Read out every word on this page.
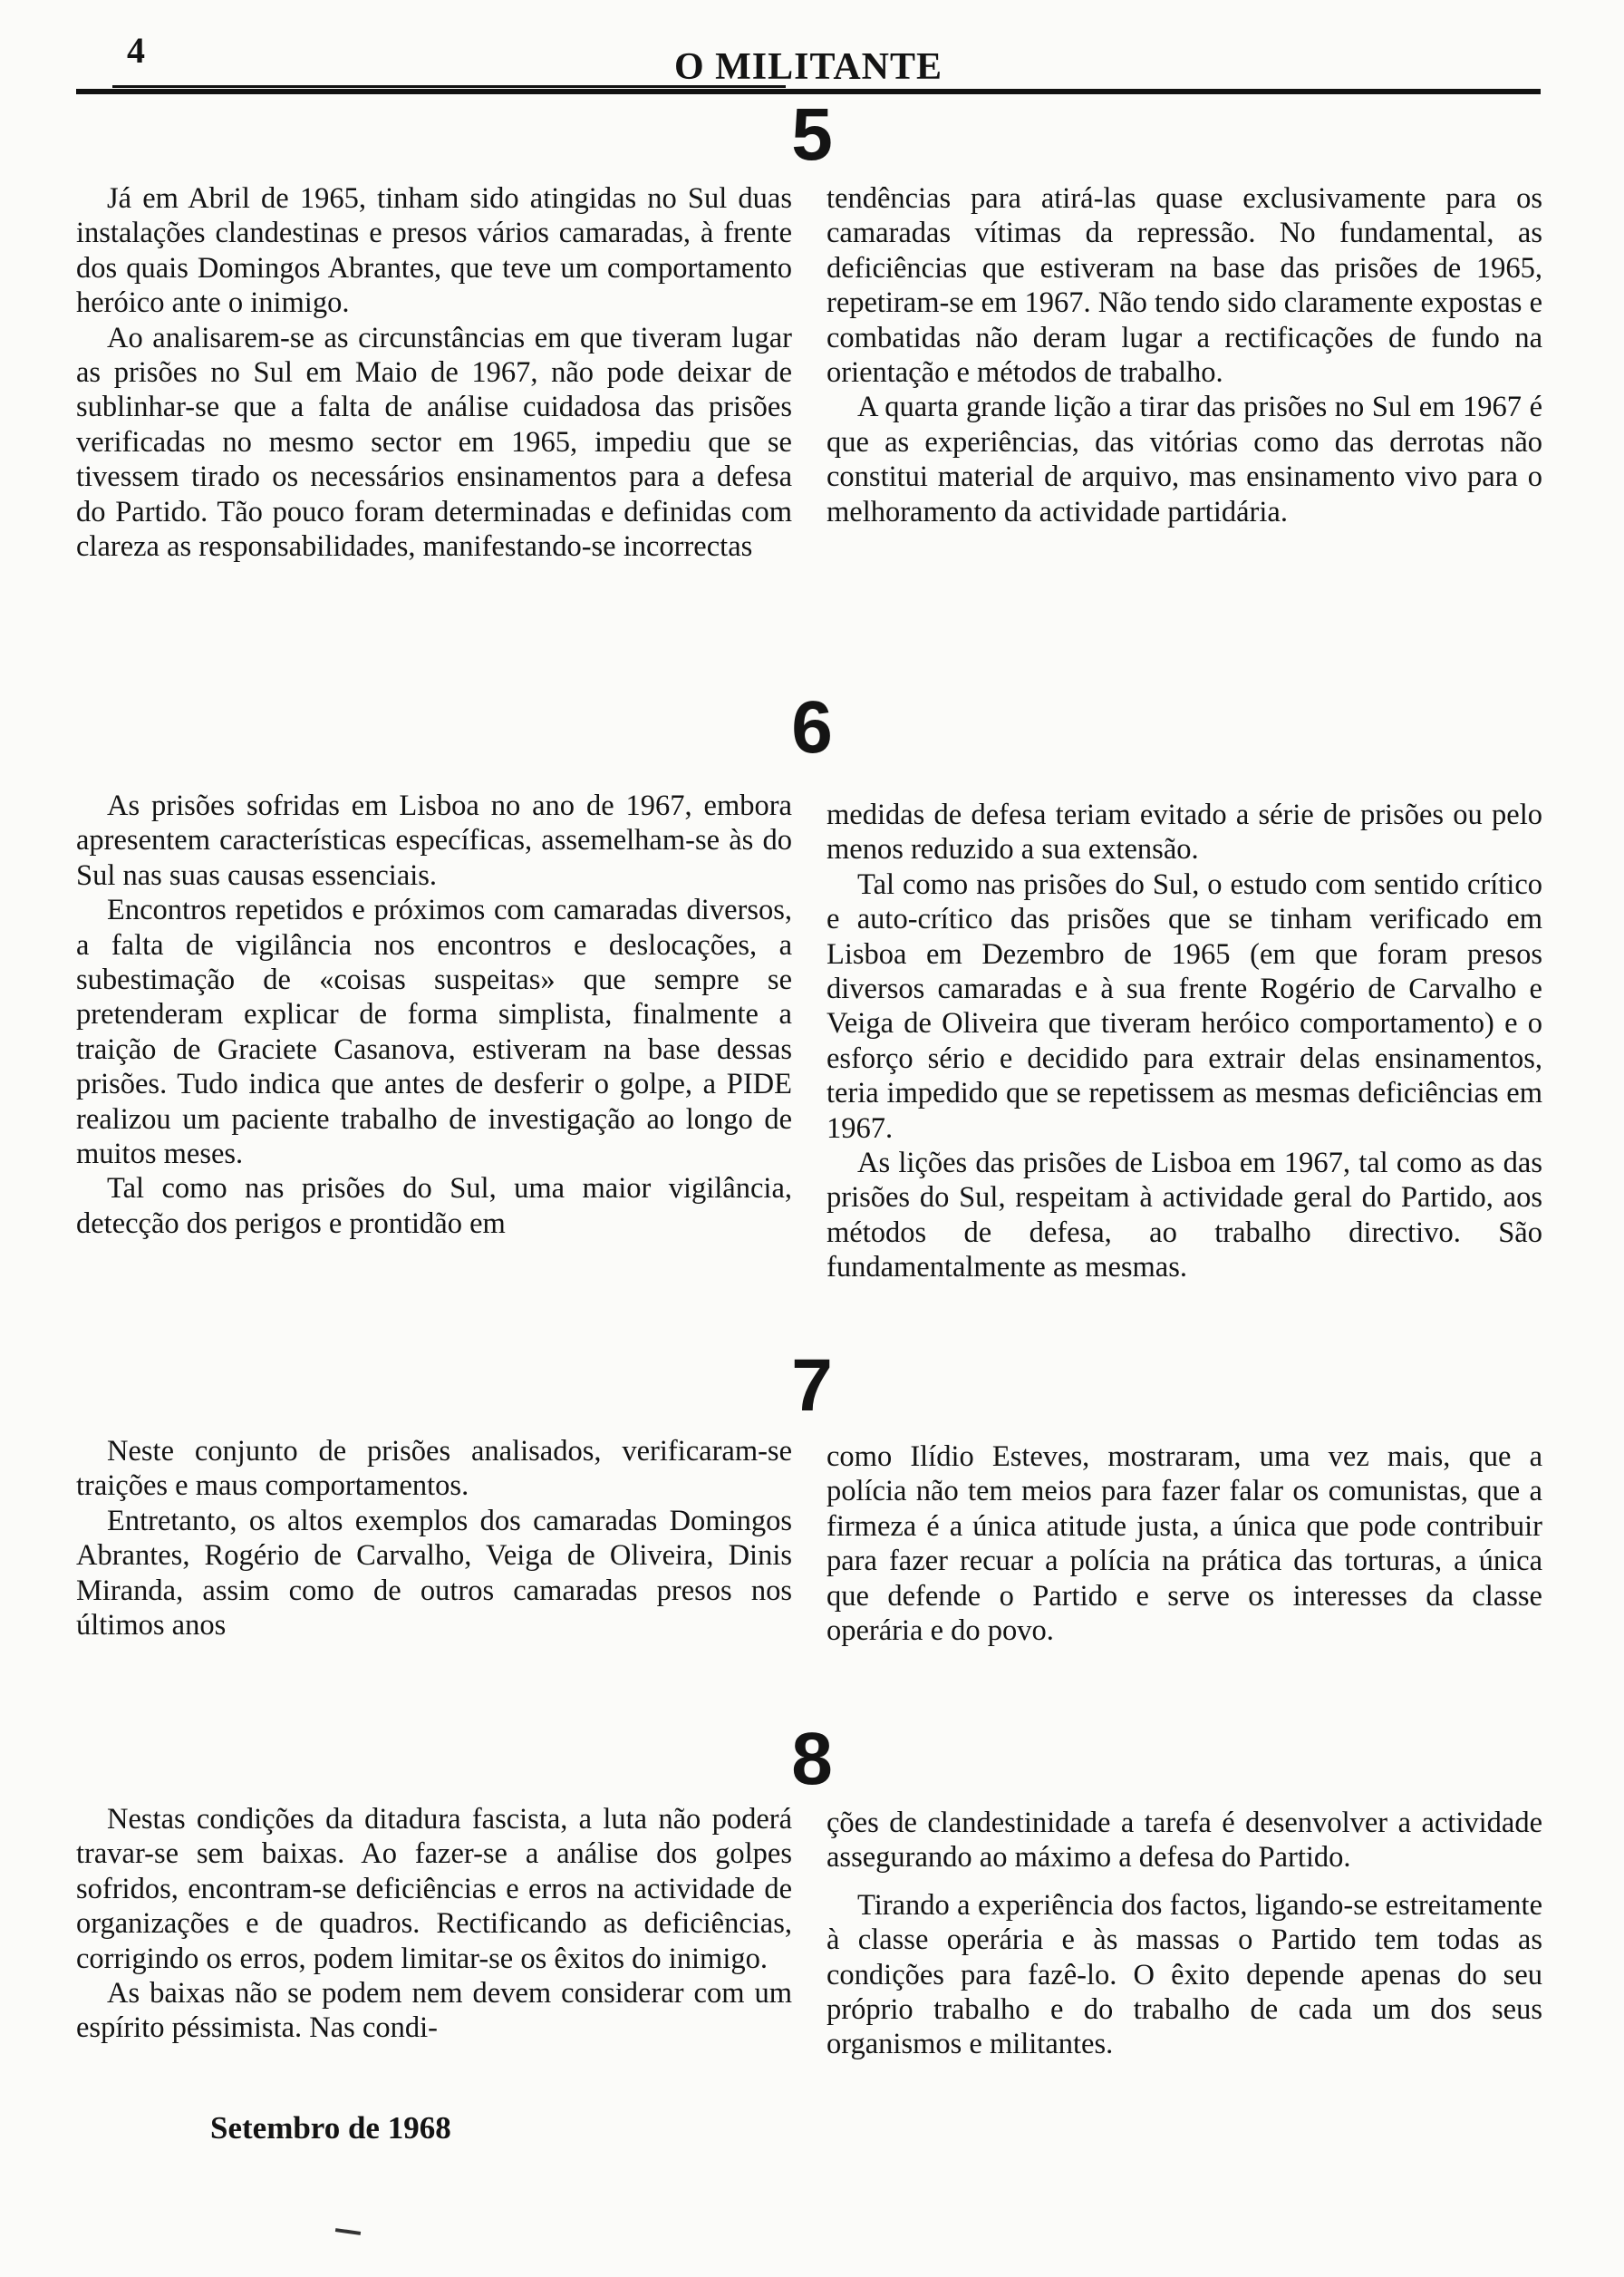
4	O MILITANTE
5

Já em Abril de 1965, tinham sido atingidas no Sul duas instalações clandestinas e presos vários camaradas, à frente dos quais Domingos Abrantes, que teve um comportamento heróico ante o inimigo.

Ao analisarem-se as circunstâncias em que tiveram lugar as prisões no Sul em Maio de 1967, não pode deixar de sublinhar-se que a falta de análise cuidadosa das prisões verificadas no mesmo sector em 1965, impediu que se tivessem tirado os necessários ensinamentos para a defesa do Partido. Tão pouco foram determinadas e definidas com clareza as responsabilidades, manifestando-se incorrectas

tendências para atirá-las quase exclusivamente para os camaradas vítimas da repressão. No fundamental, as deficiências que estiveram na base das prisões de 1965, repetiram-se em 1967. Não tendo sido claramente expostas e combatidas não deram lugar a rectificações de fundo na orientação e métodos de trabalho.

A quarta grande lição a tirar das prisões no Sul em 1967 é que as experiências, das vitórias como das derrotas não constitui material de arquivo, mas ensinamento vivo para o melhoramento da actividade partidária.

6

As prisões sofridas em Lisboa no ano de 1967, embora apresentem características específicas, assemelham-se às do Sul nas suas causas essenciais.

Encontros repetidos e próximos com camaradas diversos, a falta de vigilância nos encontros e deslocações, a subestimação de «coisas suspeitas» que sempre se pretenderam explicar de forma simplista, finalmente a traição de Graciete Casanova, estiveram na base dessas prisões. Tudo indica que antes de desferir o golpe, a PIDE realizou um paciente trabalho de investigação ao longo de muitos meses.

Tal como nas prisões do Sul, uma maior vigilância, detecção dos perigos e prontidão em

medidas de defesa teriam evitado a série de prisões ou pelo menos reduzido a sua extensão.

Tal como nas prisões do Sul, o estudo com sentido crítico e auto-crítico das prisões que se tinham verificado em Lisboa em Dezembro de 1965 (em que foram presos diversos camaradas e à sua frente Rogério de Carvalho e Veiga de Oliveira que tiveram heróico comportamento) e o esforço sério e decidido para extrair delas ensinamentos, teria impedido que se repetissem as mesmas deficiências em 1967.

As lições das prisões de Lisboa em 1967, tal como as das prisões do Sul, respeitam à actividade geral do Partido, aos métodos de defesa, ao trabalho directivo. São fundamentalmente as mesmas.

7

Neste conjunto de prisões analisados, verificaram-se traições e maus comportamentos.

Entretanto, os altos exemplos dos camaradas Domingos Abrantes, Rogério de Carvalho, Veiga de Oliveira, Dinis Miranda, assim como de outros camaradas presos nos últimos anos

como Ilídio Esteves, mostraram, uma vez mais, que a polícia não tem meios para fazer falar os comunistas, que a firmeza é a única atitude justa, a única que pode contribuir para fazer recuar a polícia na prática das torturas, a única que defende o Partido e serve os interesses da classe operária e do povo.

8

Nestas condições da ditadura fascista, a luta não poderá travar-se sem baixas. Ao fazer-se a análise dos golpes sofridos, encontram-se deficiências e erros na actividade de organizações e de quadros. Rectificando as deficiências, corrigindo os erros, podem limitar-se os êxitos do inimigo.

As baixas não se podem nem devem considerar com um espírito péssimista. Nas condi-

ções de clandestinidade a tarefa é desenvolver a actividade assegurando ao máximo a defesa do Partido.

Tirando a experiência dos factos, ligando-se estreitamente à classe operária e às massas o Partido tem todas as condições para fazê-lo. O êxito depende apenas do seu próprio trabalho e do trabalho de cada um dos seus organismos e militantes.

Setembro de 1968
